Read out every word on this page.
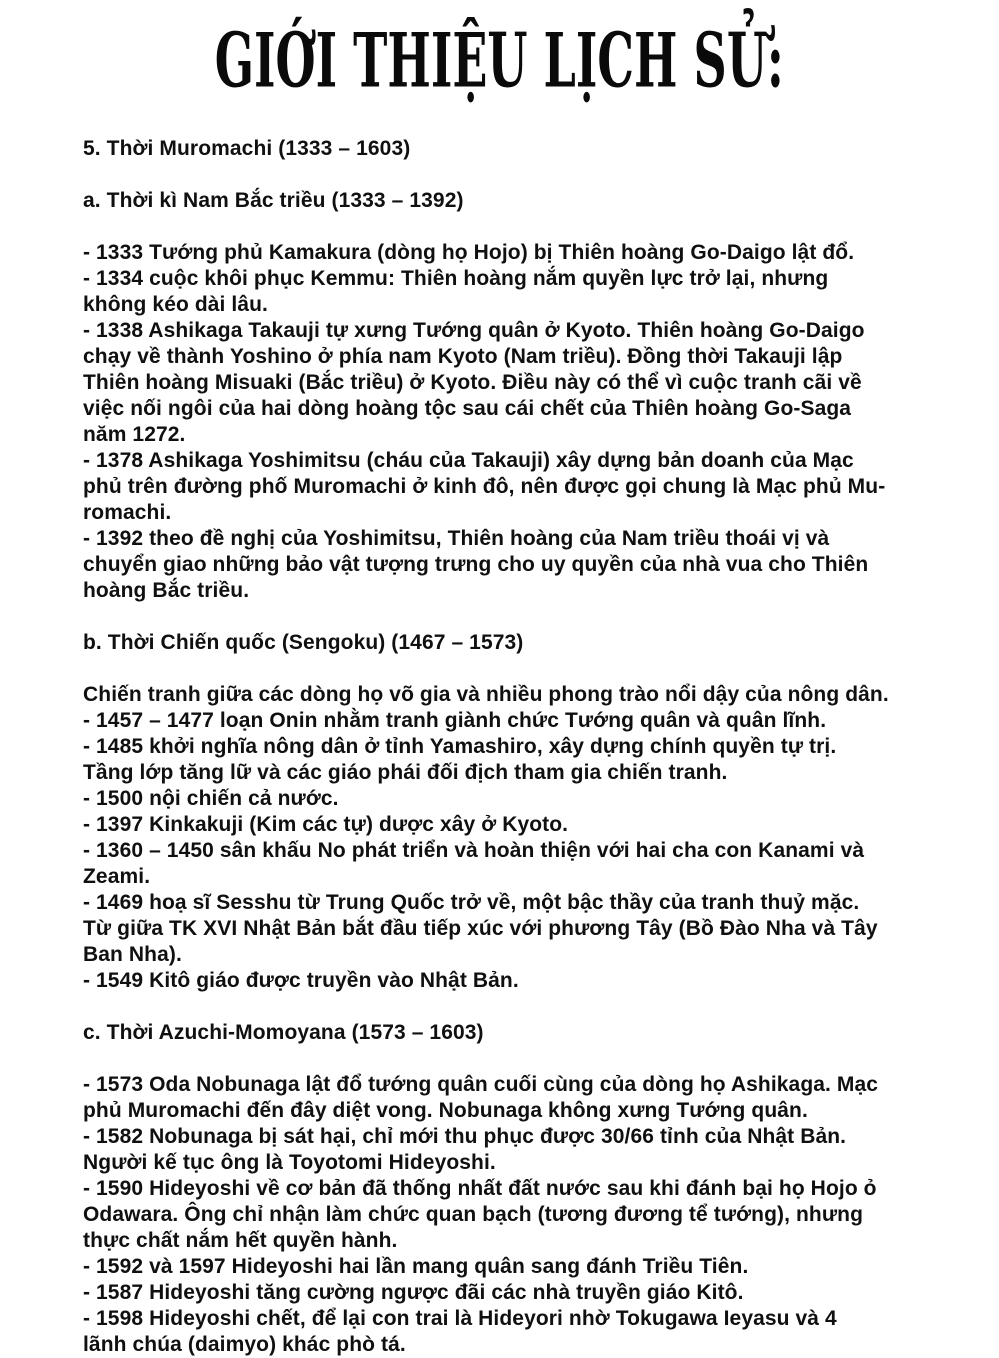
GIỚI THIỆU LỊCH SỬ:
5. Thời Muromachi (1333 – 1603)
a. Thời kì Nam Bắc triều (1333 – 1392)
- 1333 Tướng phủ Kamakura (dòng họ Hojo) bị Thiên hoàng Go-Daigo lật đổ.
- 1334 cuộc khôi phục Kemmu: Thiên hoàng nắm quyền lực trở lại, nhưng
không kéo dài lâu.
- 1338 Ashikaga Takauji tự xưng Tướng quân ở Kyoto. Thiên hoàng Go-Daigo
chạy về thành Yoshino ở phía nam Kyoto (Nam triều). Đồng thời Takauji lập
Thiên hoàng Misuaki (Bắc triều) ở Kyoto. Điều này có thể vì cuộc tranh cãi về
việc nối ngôi của hai dòng hoàng tộc sau cái chết của Thiên hoàng Go-Saga
năm 1272.
- 1378 Ashikaga Yoshimitsu (cháu của Takauji) xây dựng bản doanh của Mạc
phủ trên đường phố Muromachi ở kinh đô, nên được gọi chung là Mạc phủ Mu-
romachi.
- 1392 theo đề nghị của Yoshimitsu, Thiên hoàng của Nam triều thoái vị và
chuyển giao những bảo vật tượng trưng cho uy quyền của nhà vua cho Thiên
hoàng Bắc triều.
b. Thời Chiến quốc (Sengoku) (1467 – 1573)
Chiến tranh giữa các dòng họ võ gia và nhiều phong trào nổi dậy của nông dân.
- 1457 – 1477 loạn Onin nhằm tranh giành chức Tướng quân và quân lĩnh.
- 1485 khởi nghĩa nông dân ở tỉnh Yamashiro, xây dựng chính quyền tự trị.
Tầng lớp tăng lữ và các giáo phái đối địch tham gia chiến tranh.
- 1500 nội chiến cả nước.
- 1397 Kinkakuji (Kim các tự) dược xây ở Kyoto.
- 1360 – 1450 sân khấu No phát triển và hoàn thiện với hai cha con Kanami và
Zeami.
- 1469 hoạ sĩ Sesshu từ Trung Quốc trở về, một bậc thầy của tranh thuỷ mặc.
Từ giữa TK XVI Nhật Bản bắt đầu tiếp xúc với phương Tây (Bồ Đào Nha và Tây
Ban Nha).
- 1549 Kitô giáo được truyền vào Nhật Bản.
c. Thời Azuchi-Momoyana (1573 – 1603)
- 1573 Oda Nobunaga lật đổ tướng quân cuối cùng của dòng họ Ashikaga. Mạc
phủ Muromachi đến đây diệt vong. Nobunaga không xưng Tướng quân.
- 1582 Nobunaga bị sát hại, chỉ mới thu phục được 30/66 tỉnh của Nhật Bản.
Người kế tục ông là Toyotomi Hideyoshi.
- 1590 Hideyoshi về cơ bản đã thống nhất đất nước sau khi đánh bại họ Hojo ỏ
Odawara. Ông chỉ nhận làm chức quan bạch (tương đương tể tướng), nhưng
thực chất nắm hết quyền hành.
- 1592 và 1597 Hideyoshi hai lần mang quân sang đánh Triều Tiên.
- 1587 Hideyoshi tăng cường ngược đãi các nhà truyền giáo Kitô.
- 1598 Hideyoshi chết, để lại con trai là Hideyori nhờ Tokugawa Ieyasu và 4
lãnh chúa (daimyo) khác phò tá.
